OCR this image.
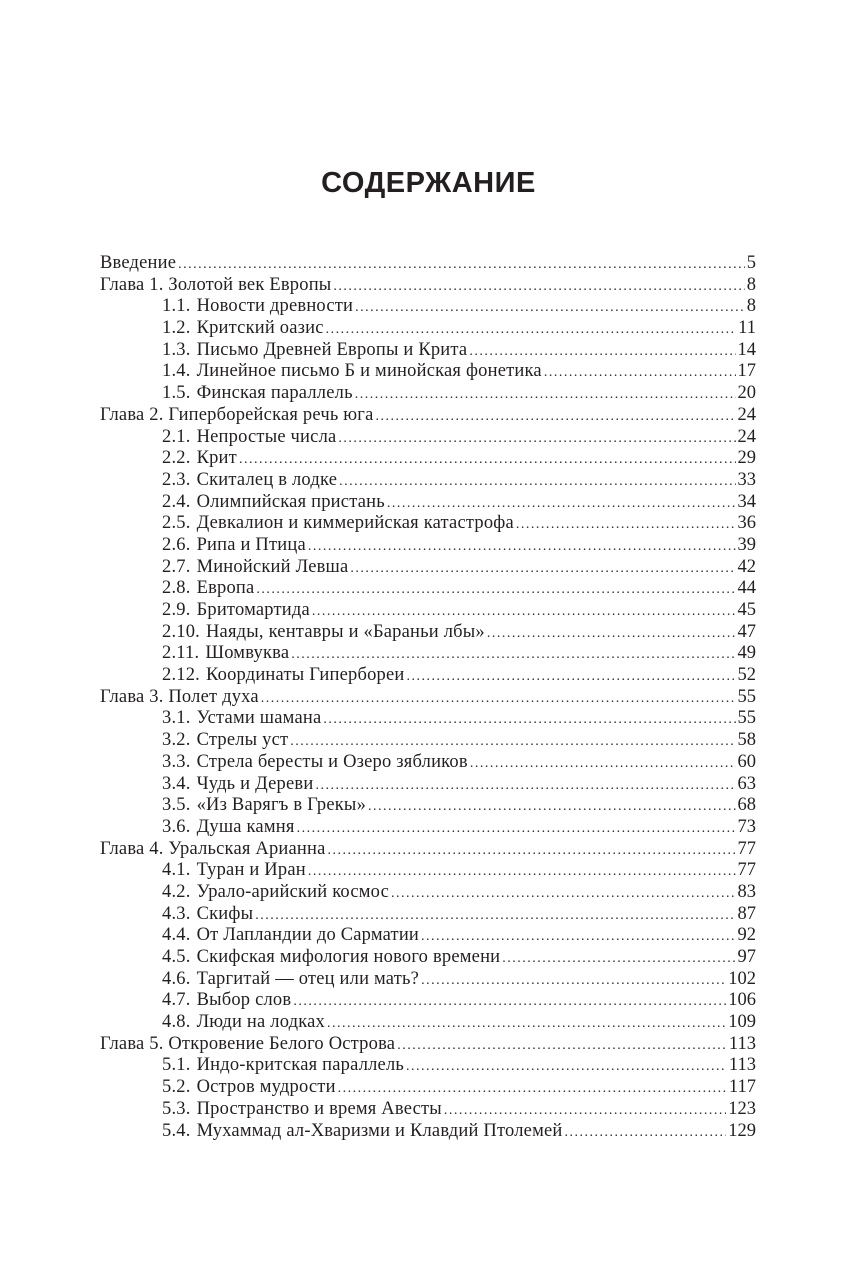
СОДЕРЖАНИЕ
Введение .....	5
Глава 1. Золотой век Европы .....	8
1.1. Новости древности .....	8
1.2. Критский оазис .....	11
1.3. Письмо Древней Европы и Крита .....	14
1.4. Линейное письмо Б и минойская фонетика .....	17
1.5. Финская параллель .....	20
Глава 2. Гиперборейская речь юга .....	24
2.1. Непростые числа .....	24
2.2. Крит .....	29
2.3. Скиталец в лодке .....	33
2.4. Олимпийская пристань .....	34
2.5. Девкалион и киммерийская катастрофа .....	36
2.6. Рипа и Птица .....	39
2.7. Минойский Левша .....	42
2.8. Европа .....	44
2.9. Бритомартида .....	45
2.10. Наяды, кентавры и «Бараньи лбы» .....	47
2.11. Шомвуква .....	49
2.12. Координаты Гипербореи .....	52
Глава 3. Полет духа .....	55
3.1. Устами шамана .....	55
3.2. Стрелы уст .....	58
3.3. Стрела бересты и Озеро зябликов .....	60
3.4. Чудь и Дереви .....	63
3.5. «Из Варягъ в Грекы» .....	68
3.6. Душа камня .....	73
Глава 4. Уральская Арианна .....	77
4.1. Туран и Иран .....	77
4.2. Урало-арийский космос .....	83
4.3. Скифы .....	87
4.4. От Лапландии до Сарматии .....	92
4.5. Скифская мифология нового времени .....	97
4.6. Таргитай — отец или мать? .....	102
4.7. Выбор слов .....	106
4.8. Люди на лодках .....	109
Глава 5. Откровение Белого Острова .....	113
5.1. Индо-критская параллель .....	113
5.2. Остров мудрости .....	117
5.3. Пространство и время Авесты .....	123
5.4. Мухаммад ал-Хваризми и Клавдий Птолемей .....	129
